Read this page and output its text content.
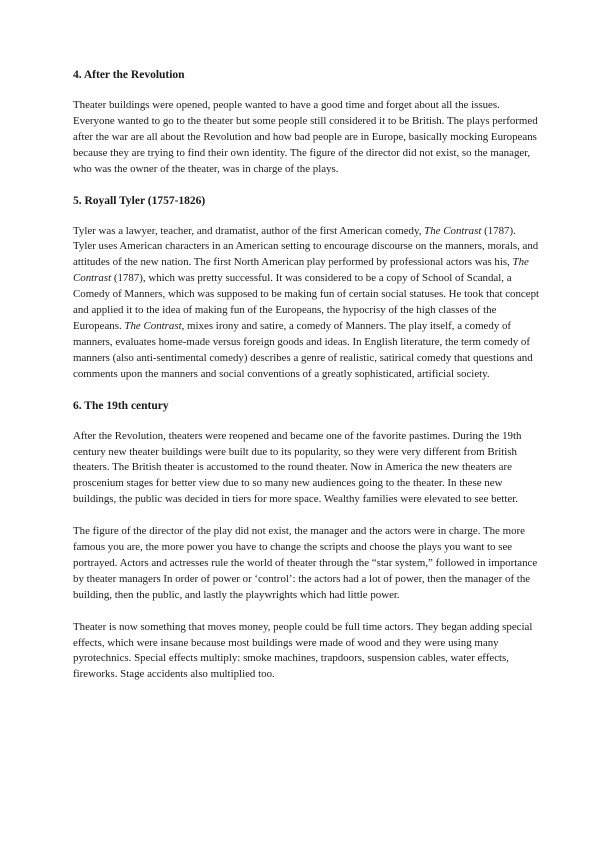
4. After the Revolution

Theater buildings were opened, people wanted to have a good time and forget about all the issues. Everyone wanted to go to the theater but some people still considered it to be British. The plays performed after the war are all about the Revolution and how bad people are in Europe, basically mocking Europeans because they are trying to find their own identity. The figure of the director did not exist, so the manager, who was the owner of the theater, was in charge of the plays.

5. Royall Tyler (1757-1826)

Tyler was a lawyer, teacher, and dramatist, author of the first American comedy, The Contrast (1787). Tyler uses American characters in an American setting to encourage discourse on the manners, morals, and attitudes of the new nation. The first North American play performed by professional actors was his, The Contrast (1787), which was pretty successful. It was considered to be a copy of School of Scandal, a Comedy of Manners, which was supposed to be making fun of certain social statuses. He took that concept and applied it to the idea of making fun of the Europeans, the hypocrisy of the high classes of the Europeans. The Contrast, mixes irony and satire, a comedy of Manners. The play itself, a comedy of manners, evaluates home-made versus foreign goods and ideas. In English literature, the term comedy of manners (also anti-sentimental comedy) describes a genre of realistic, satirical comedy that questions and comments upon the manners and social conventions of a greatly sophisticated, artificial society.

6. The 19th century

After the Revolution, theaters were reopened and became one of the favorite pastimes. During the 19th century new theater buildings were built due to its popularity, so they were very different from British theaters. The British theater is accustomed to the round theater. Now in America the new theaters are proscenium stages for better view due to so many new audiences going to the theater. In these new buildings, the public was decided in tiers for more space. Wealthy families were elevated to see better.

The figure of the director of the play did not exist, the manager and the actors were in charge. The more famous you are, the more power you have to change the scripts and choose the plays you want to see portrayed. Actors and actresses rule the world of theater through the “star system,” followed in importance by theater managers In order of power or ‘control’: the actors had a lot of power, then the manager of the building, then the public, and lastly the playwrights which had little power.

Theater is now something that moves money, people could be full time actors. They began adding special effects, which were insane because most buildings were made of wood and they were using many pyrotechnics. Special effects multiply: smoke machines, trapdoors, suspension cables, water effects, fireworks. Stage accidents also multiplied too.
